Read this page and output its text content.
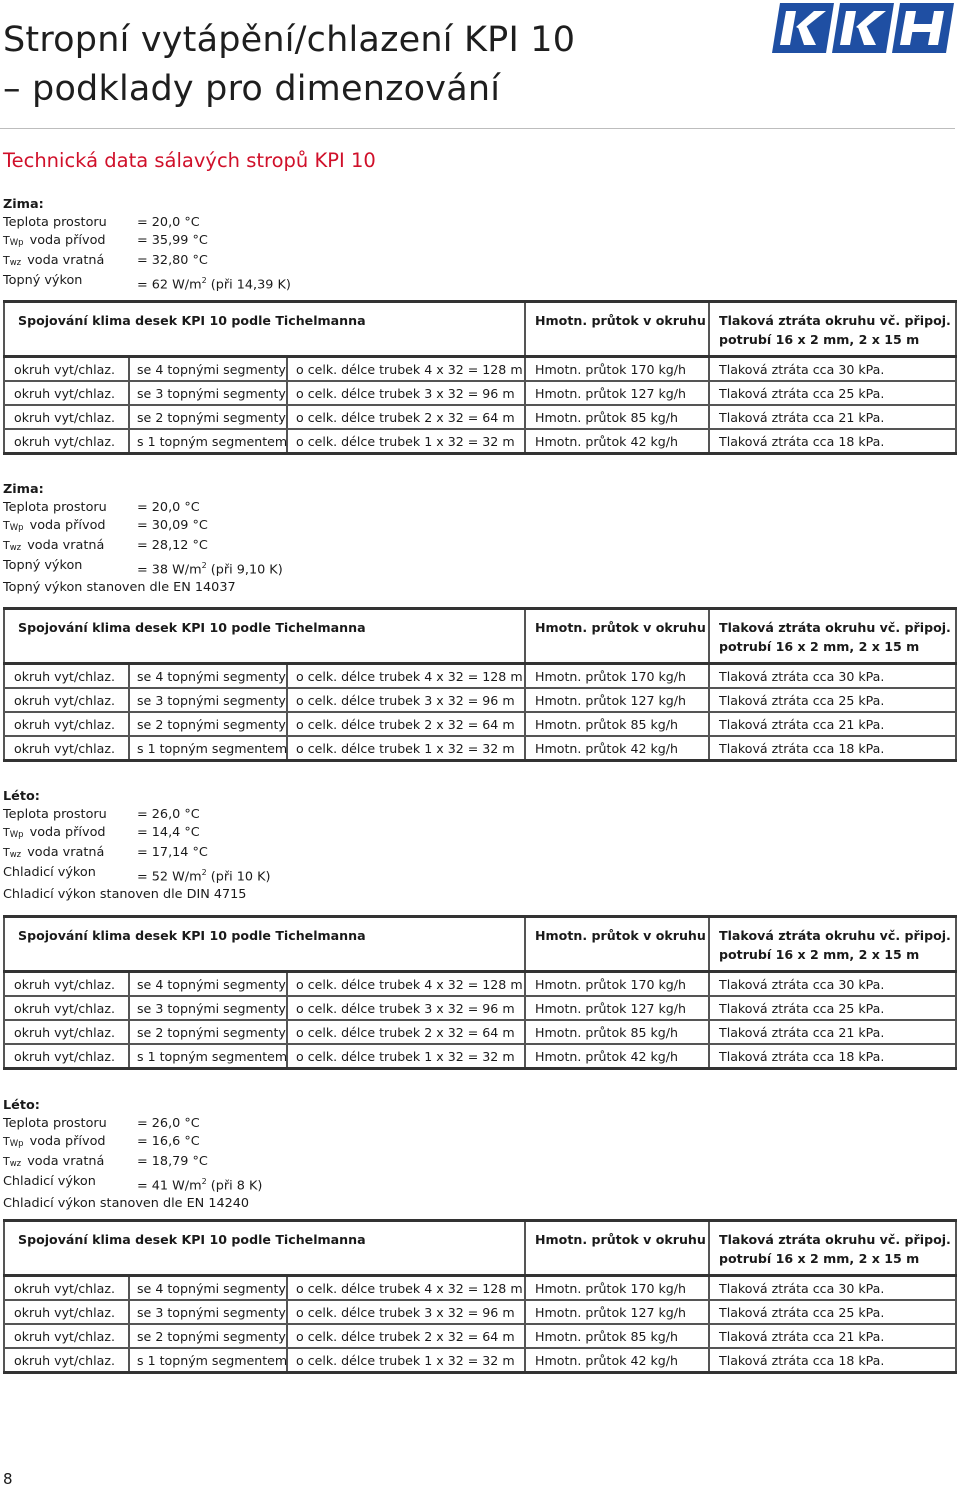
Stropní vytápění/chlazení KPI 10
– podklady pro dimenzování
Technická data sálavých stropů KPI 10
Zima:
Teplota prostoru	= 20,0 °C
TWp voda přívod	= 35,99 °C
Twz voda vratná	= 32,80 °C
Topný výkon	= 62 $W/m^2$ (při 14,39 K)
Spojování klima desek KPI 10 podle Tichelmanna			Hmotn. průtok v okruhu	Tlaková ztráta okruhu vč. připoj.
potrubí 16 x 2 mm, 2 x 15 m

okruh vyt/chlaz.	se 4 topnými segmenty	o celk. délce trubek 4 x 32 = 128 m	Hmotn. průtok 170 kg/h	Tlaková ztráta cca 30 kPa.
okruh vyt/chlaz.	se 3 topnými segmenty	o celk. délce trubek 3 x 32 = 96 m	Hmotn. průtok 127 kg/h	Tlaková ztráta cca 25 kPa.
okruh vyt/chlaz.	se 2 topnými segmenty	o celk. délce trubek 2 x 32 = 64 m	Hmotn. průtok 85 kg/h	Tlaková ztráta cca 21 kPa.
okruh vyt/chlaz.	s 1 topným segmentem	o celk. délce trubek 1 x 32 = 32 m	Hmotn. průtok 42 kg/h	Tlaková ztráta cca 18 kPa.
Zima:
Teplota prostoru	= 20,0 °C
TWp voda přívod	= 30,09 °C
Twz voda vratná	= 28,12 °C
Topný výkon	= 38 $W/m^2$ (při 9,10 K)
Topný výkon stanoven dle EN 14037
Spojování klima desek KPI 10 podle Tichelmanna			Hmotn. průtok v okruhu	Tlaková ztráta okruhu vč. připoj.
potrubí 16 x 2 mm, 2 x 15 m

okruh vyt/chlaz.	se 4 topnými segmenty	o celk. délce trubek 4 x 32 = 128 m	Hmotn. průtok 170 kg/h	Tlaková ztráta cca 30 kPa.
okruh vyt/chlaz.	se 3 topnými segmenty	o celk. délce trubek 3 x 32 = 96 m	Hmotn. průtok 127 kg/h	Tlaková ztráta cca 25 kPa.
okruh vyt/chlaz.	se 2 topnými segmenty	o celk. délce trubek 2 x 32 = 64 m	Hmotn. průtok 85 kg/h	Tlaková ztráta cca 21 kPa.
okruh vyt/chlaz.	s 1 topným segmentem	o celk. délce trubek 1 x 32 = 32 m	Hmotn. průtok 42 kg/h	Tlaková ztráta cca 18 kPa.
Léto:
Teplota prostoru	= 26,0 °C
TWp voda přívod	= 14,4 °C
Twz voda vratná	= 17,14 °C
Chladicí výkon	= 52 $W/m^2$ (při 10 K)
Chladicí výkon stanoven dle DIN 4715
Spojování klima desek KPI 10 podle Tichelmanna			Hmotn. průtok v okruhu	Tlaková ztráta okruhu vč. připoj.
potrubí 16 x 2 mm, 2 x 15 m

okruh vyt/chlaz.	se 4 topnými segmenty	o celk. délce trubek 4 x 32 = 128 m	Hmotn. průtok 170 kg/h	Tlaková ztráta cca 30 kPa.
okruh vyt/chlaz.	se 3 topnými segmenty	o celk. délce trubek 3 x 32 = 96 m	Hmotn. průtok 127 kg/h	Tlaková ztráta cca 25 kPa.
okruh vyt/chlaz.	se 2 topnými segmenty	o celk. délce trubek 2 x 32 = 64 m	Hmotn. průtok 85 kg/h	Tlaková ztráta cca 21 kPa.
okruh vyt/chlaz.	s 1 topným segmentem	o celk. délce trubek 1 x 32 = 32 m	Hmotn. průtok 42 kg/h	Tlaková ztráta cca 18 kPa.
Léto:
Teplota prostoru	= 26,0 °C
TWp voda přívod	= 16,6 °C
Twz voda vratná	= 18,79 °C
Chladicí výkon	= 41 $W/m^2$ (při 8 K)
Chladicí výkon stanoven dle EN 14240
Spojování klima desek KPI 10 podle Tichelmanna			Hmotn. průtok v okruhu	Tlaková ztráta okruhu vč. připoj.
potrubí 16 x 2 mm, 2 x 15 m

okruh vyt/chlaz.	se 4 topnými segmenty	o celk. délce trubek 4 x 32 = 128 m	Hmotn. průtok 170 kg/h	Tlaková ztráta cca 30 kPa.
okruh vyt/chlaz.	se 3 topnými segmenty	o celk. délce trubek 3 x 32 = 96 m	Hmotn. průtok 127 kg/h	Tlaková ztráta cca 25 kPa.
okruh vyt/chlaz.	se 2 topnými segmenty	o celk. délce trubek 2 x 32 = 64 m	Hmotn. průtok 85 kg/h	Tlaková ztráta cca 21 kPa.
okruh vyt/chlaz.	s 1 topným segmentem	o celk. délce trubek 1 x 32 = 32 m	Hmotn. průtok 42 kg/h	Tlaková ztráta cca 18 kPa.
8
